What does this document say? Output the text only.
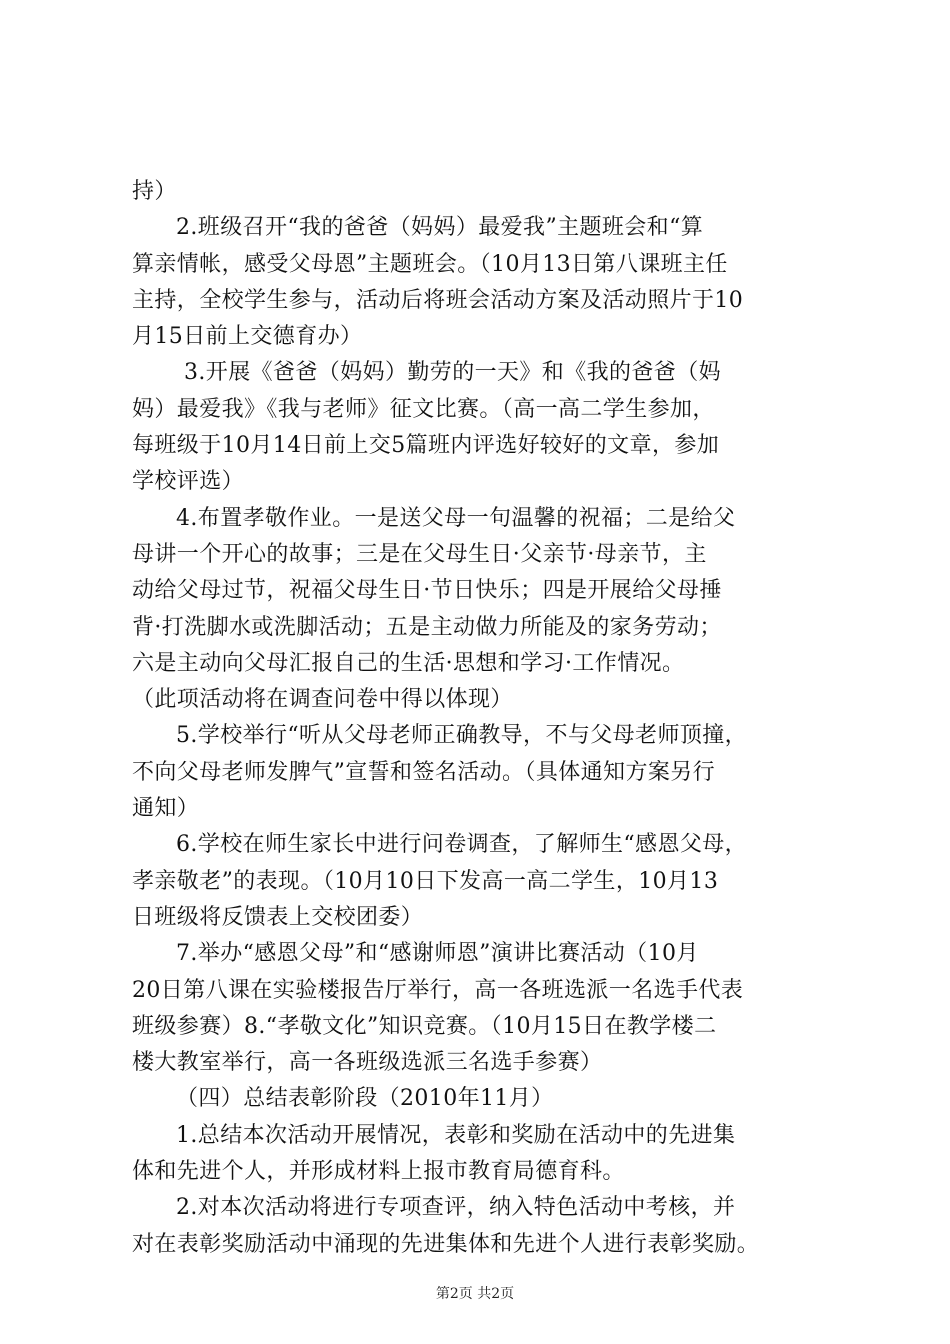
持）
2.班级召开“我的爸爸（妈妈）最爱我”主题班会和“算
算亲情帐，感受父母恩”主题班会。（10月13日第八课班主任
主持，全校学生参与，活动后将班会活动方案及活动照片于10
月15日前上交德育办）
3.开展《爸爸（妈妈）勤劳的一天》和《我的爸爸（妈
妈）最爱我》《我与老师》征文比赛。（高一高二学生参加，
每班级于10月14日前上交5篇班内评选好较好的文章，参加
学校评选）
4.布置孝敬作业。一是送父母一句温馨的祝福；二是给父
母讲一个开心的故事；三是在父母生日·父亲节·母亲节，主
动给父母过节，祝福父母生日·节日快乐；四是开展给父母捶
背·打洗脚水或洗脚活动；五是主动做力所能及的家务劳动；
六是主动向父母汇报自己的生活·思想和学习·工作情况。
（此项活动将在调查问卷中得以体现）
5.学校举行“听从父母老师正确教导，不与父母老师顶撞，
不向父母老师发脾气”宣誓和签名活动。（具体通知方案另行
通知）
6.学校在师生家长中进行问卷调查，了解师生“感恩父母，
孝亲敬老”的表现。（10月10日下发高一高二学生，10月13
日班级将反馈表上交校团委）
7.举办“感恩父母”和“感谢师恩”演讲比赛活动（10月
20日第八课在实验楼报告厅举行，高一各班选派一名选手代表
班级参赛）8.“孝敬文化”知识竞赛。（10月15日在教学楼二
楼大教室举行，高一各班级选派三名选手参赛）
（四）总结表彰阶段（2010年11月）
1.总结本次活动开展情况，表彰和奖励在活动中的先进集
体和先进个人，并形成材料上报市教育局德育科。
2.对本次活动将进行专项查评，纳入特色活动中考核，并
对在表彰奖励活动中涌现的先进集体和先进个人进行表彰奖励。
第2页 共2页
